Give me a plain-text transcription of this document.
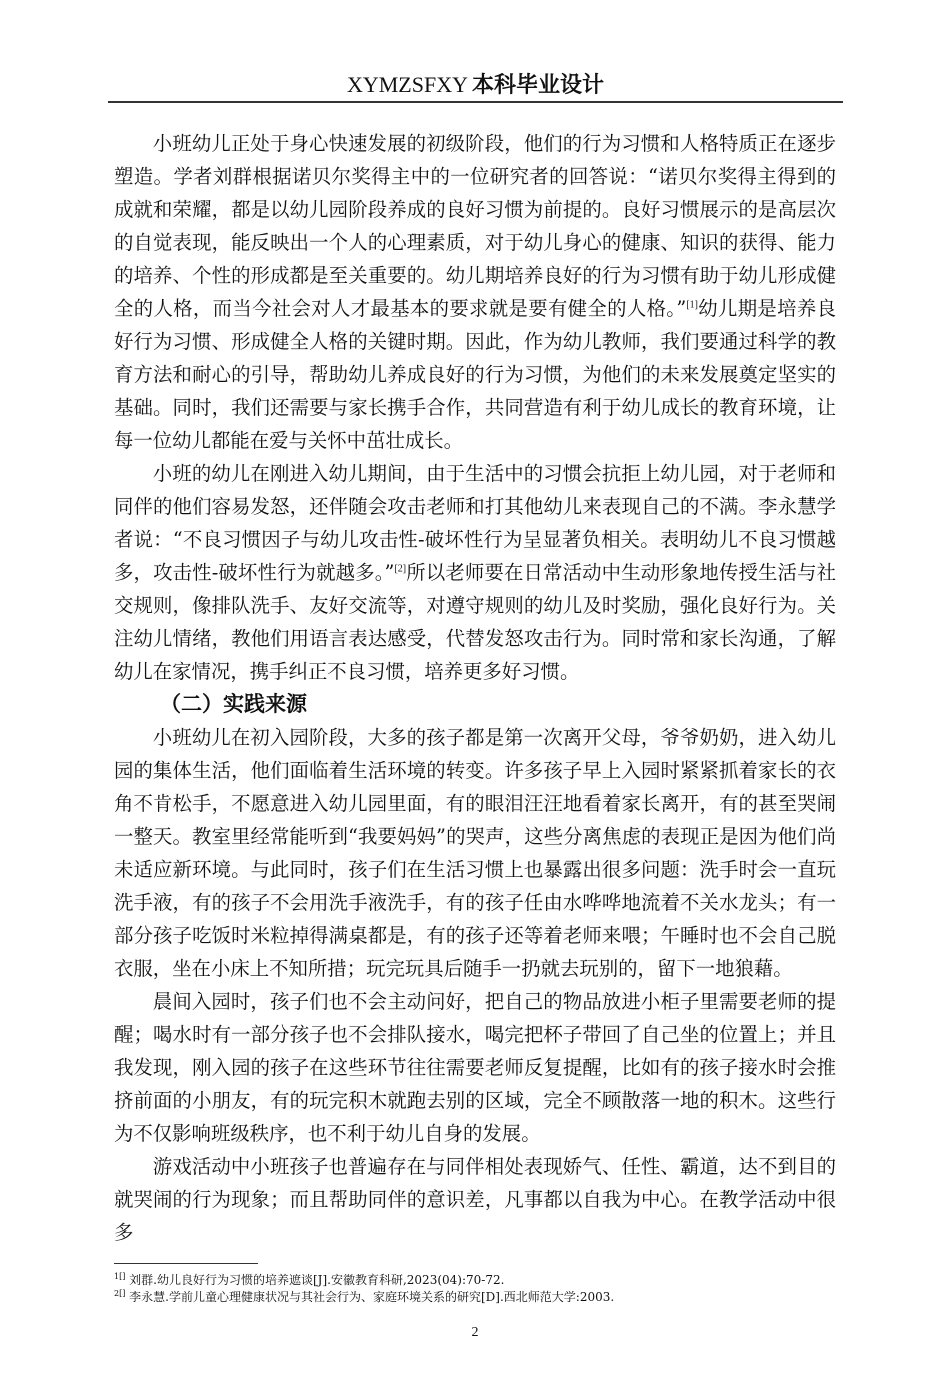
XYMZSFXY 本科毕业设计

小班幼儿正处于身心快速发展的初级阶段，他们的行为习惯和人格特质正在逐步塑造。学者刘群根据诺贝尔奖得主中的一位研究者的回答说：“诺贝尔奖得主得到的成就和荣耀，都是以幼儿园阶段养成的良好习惯为前提的。良好习惯展示的是高层次的自觉表现，能反映出一个人的心理素质，对于幼儿身心的健康、知识的获得、能力的培养、个性的形成都是至关重要的。幼儿期培养良好的行为习惯有助于幼儿形成健全的人格，而当今社会对人才最基本的要求就是要有健全的人格。”[1]幼儿期是培养良好行为习惯、形成健全人格的关键时期。因此，作为幼儿教师，我们要通过科学的教育方法和耐心的引导，帮助幼儿养成良好的行为习惯，为他们的未来发展奠定坚实的基础。同时，我们还需要与家长携手合作，共同营造有利于幼儿成长的教育环境，让每一位幼儿都能在爱与关怀中茁壮成长。

小班的幼儿在刚进入幼儿期间，由于生活中的习惯会抗拒上幼儿园，对于老师和同伴的他们容易发怒，还伴随会攻击老师和打其他幼儿来表现自己的不满。李永慧学者说：“不良习惯因子与幼儿攻击性-破坏性行为呈显著负相关。表明幼儿不良习惯越多，攻击性-破坏性行为就越多。”[2]所以老师要在日常活动中生动形象地传授生活与社交规则，像排队洗手、友好交流等，对遵守规则的幼儿及时奖励，强化良好行为。关注幼儿情绪，教他们用语言表达感受，代替发怒攻击行为。同时常和家长沟通，了解幼儿在家情况，携手纠正不良习惯，培养更多好习惯。

（二）实践来源

小班幼儿在初入园阶段，大多的孩子都是第一次离开父母，爷爷奶奶，进入幼儿园的集体生活，他们面临着生活环境的转变。许多孩子早上入园时紧紧抓着家长的衣角不肯松手，不愿意进入幼儿园里面，有的眼泪汪汪地看着家长离开，有的甚至哭闹一整天。教室里经常能听到“我要妈妈”的哭声，这些分离焦虑的表现正是因为他们尚未适应新环境。与此同时，孩子们在生活习惯上也暴露出很多问题：洗手时会一直玩洗手液，有的孩子不会用洗手液洗手，有的孩子任由水哗哗地流着不关水龙头；有一部分孩子吃饭时米粒掉得满桌都是，有的孩子还等着老师来喂；午睡时也不会自己脱衣服，坐在小床上不知所措；玩完玩具后随手一扔就去玩别的，留下一地狼藉。

晨间入园时，孩子们也不会主动问好，把自己的物品放进小柜子里需要老师的提醒；喝水时有一部分孩子也不会排队接水，喝完把杯子带回了自己坐的位置上；并且我发现，刚入园的孩子在这些环节往往需要老师反复提醒，比如有的孩子接水时会推挤前面的小朋友，有的玩完积木就跑去别的区域，完全不顾散落一地的积木。这些行为不仅影响班级秩序，也不利于幼儿自身的发展。

游戏活动中小班孩子也普遍存在与同伴相处表现娇气、任性、霸道，达不到目的就哭闹的行为现象；而且帮助同伴的意识差，凡事都以自我为中心。在教学活动中很多

$^{1[]}$ 刘群.幼儿良好行为习惯的培养遮谈[J].安徽教育科研,2023(04):70-72.
$^{2[]}$ 李永慧.学前儿童心理健康状况与其社会行为、家庭环境关系的研究[D].西北师范大学:2003.
2
